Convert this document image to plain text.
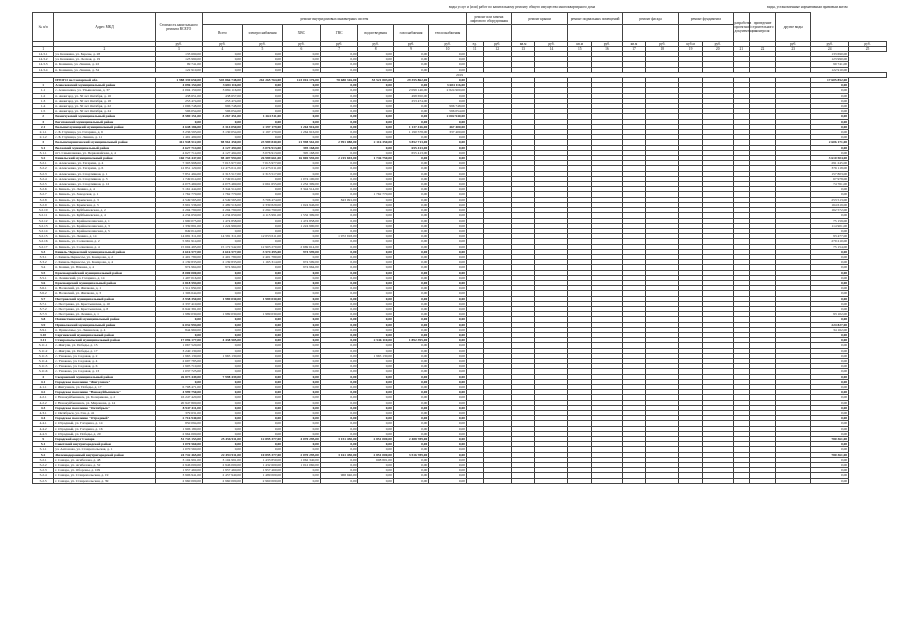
виды услуг и (или) работ по капитальному ремонту общего имущества многоквартирного дома	виды, установленные нормативным правовым актом
№ п/п	Адрес МКД	Стоимость капитального ремонта ВСЕГО	ремонт внутридомовых инженерных систем							ремонт или замена лифтового оборудования		ремонт крыши		ремонт подвальных помещений		ремонт фасада		ремонт фундамента		разработка проектной документации	проведение строительного контроля	другие виды		
			Всего	электроснабжения	ХВС	ГВС	водоотведения	газоснабжения	теплоснабжения															
		руб.	руб.	руб.	руб.	руб.	руб.	руб.	руб.	ед.	руб.	кв.м	руб.	кв.м	руб.	кв.м	руб.	куб.м	руб.			руб.	руб.	руб.
1	2	3	4	5	6	7	8	9	10	11	12	13	14	15	16	17	18	19	20	21	22	23	24	25
14.3.1	ул. Кошкина, ул. Березы, д. 28	133 690,00	0,00	0,00	0,00	0,00	0,00	0,00	0,00														133 690,00	
14.3.2	ул. Кошкина, ул. Лесная, д. 19	123 990,00	0,00	0,00	0,00	0,00	0,00	0,00	0,00														123 990,00	
14.3.3	п. Кошкина, ул. Ленина, д. 22	99 741,00	0,00	0,00	0,00	0,00	0,00	0,00	0,00														99 741,00	
14.3.4	п. Кошкина, ул. Ленина, д. 34	122 910,00	0,00	0,00	0,00	0,00	0,00	0,00	0,00														122 910,00	
2019																								
	ИТОГО по Самарской обл.	1 988 339 650,00	545 866 748,00	261 265 764,00	123 016 176,00	78 688 316,00	53 521 803,00	29 355 862,00	0,00														17 605 852,00	
1	Алексеевский муниципальный район	4 096 154,00	3 684 116,00	0,00	0,00	0,00	0,00	0,00	3 684 116,00														0,00	
1.1	с. Алексеевка, ул. Ульяновская, д. 37	2 004 150,00	3 684 116,00	0,00	0,00	0,00	0,00	2 099 146,00	2 824 900,00														0,00	
1.2	п. Авангард, ул. 50 лет Октября, д. 16	438 651,00	438 657,00	0,00	0,00	0,00	0,00	498 650,00	0,00														0,00	
1.3	п. Авангард, ул. 50 лет Октября, д. 18	253 474,00	253 474,00	0,00	0,00	0,00	0,00	253 474,00	0,00														0,00	
1.4	п. Авангард, ул. 50 лет Октября, д. 22	1 096 748,00	996 748,00	0,00	0,00	0,00	0,00	0,00	996 748,00														0,00	
1.5	п. Авангард, ул. 50 лет Октября, д. 24	596 054,00	596 054,00	0,00	0,00	0,00	0,00	0,00	596 054,00														0,00	
2	Безенчукский муниципальный район	8 589 151,00	3 267 451,00	1 264 511,00	0,00	0,00	0,00	0,00	2 002 940,00														0,00	
3	Богатовский муниципальный район	0,00	0,00	0,00	0,00	0,00	0,00	0,00	0,00														0,00	
2.1	Большеглушицкий муниципальный район	4 648 186,00	3 314 050,00	2 197 179,00	1 264 916,00	0,00	0,00	1 137 416,00	467 400,00														0,00	
2.1.1	с. Б. Глушица, ул. Гагарина, д. 6	3 236 593,00	3 130 054,00	2 197 179,00	1 264 916,00	0,00	0,00	1 190 578,00	337 400,00														0,00	
2.1.2	с. Б. Глушица, ул. Ленина, д. 11	1 491 499,00	0,00	0,00	0,00	0,00	0,00	0,00	0,00														0,00	
3	Большечерниговский муниципальный район	412 948 512,00	98 961 450,00	23 989 840,00	21 998 561,00	2 991 088,00	2 116 350,00	3 852 713,00	0,00														2 606 171,00	
3.1	Волжский муниципальный район	4 627 714,00	4 127 494,00	3 076 913,00	395 168,00	0,00	0,00	655 413,00	0,00														0,00	
3.1.1	пгт. Смышляевка, ул. Первомайская, д. 4	4 627 714,00	4 127 494,00	3 076 913,00	395 168,00	0,00	0,00	655 413,00	0,00														0,00	
3.2	Кинельский муниципальный район	160 734 447,00	98 407 994,00	26 989 661,00	16 869 594,00	2 215 693,00	1 746 750,00	0,00	0,00														3 610 504,00	
3.2.1	п. Алексеевка, ул. Гагарина, д. 4	7 303 998,00	7 015 977,00	7 015 977,00	0,00	0,00	0,00	0,00	0,00														291 245,00	
3.2.2	п. Алексеевка, ул. Гагарина, д. 6	12 851 129,00	12 475 011,00	12 475 011,00	0,00	0,00	0,00	0,00	0,00														376 118,00	
3.2.3	п. Алексеевка, ул. Спортивная, д. 1	7 851 494,00	2 313 517,00	2 313 517,00	0,00	0,00	0,00	0,00	0,00														157 803,00	
3.2.4	п. Алексеевка, ул. Спортивная, д. 3	1 749 014,00	1 749 014,00	0,00	1 074 100,00	0,00	0,00	0,00	0,00														67 978,00	
3.2.5	п. Алексеевка, ул. Спортивная, д. 12	4 073 469,00	4 073 469,00	2 661 655,00	1 252 309,00	0,00	0,00	0,00	0,00														74 761,00	
3.2.6	п. Кинель, ул. Ленина, д. 4	5 161 444,00	3 344 514,00	0,00	3 344 514,00	0,00	0,00	0,00	0,00														0,00	
3.2.7	п. Кинель, ул. Заводская, д. 1	1 762 770,00	1 762 770,00	0,00	0,00	0,00	1 762 770,00	0,00	0,00														0,00	
3.2.8	п. Кинель, ул. Крымская, д. 3	4 549 565,00	4 549 565,00	3 706 474,00	0,00	843 091,00	0,00	0,00	0,00														253 513,00	
3.2.9	п. Кинель, ул. Крымская, д. 5	3 991 536,00	2 489 516,00	2 339 829,00	1 024 946,00	0,00	0,00	0,00	0,00														164 619,00	
3.2.10	п. Кинель, ул. Куйбышевская, д. 2	2 294 790,00	2 294 790,00	2 294 790,00	0,00	0,00	0,00	0,00	0,00														162 572,00	
3.2.11	п. Кинель, ул. Куйбышевская, д. 4	4 234 650,00	4 234 650,00	4 115 991,00	1 532 399,00	0,00	0,00	0,00	0,00														0,00	
3.2.12	п. Кинель, ул. Крайнеполянская, д. 1	1 990 075,00	1 474 858,00	0,00	1 474 858,00	0,00	0,00	0,00	0,00														75 159,00	
3.2.13	п. Кинель, ул. Крайнеполянская, д. 3	1 339 891,00	1 224 990,00	0,00	1 224 990,00	0,00	0,00	0,00	0,00														114 901,00	
3.2.14	п. Кинель, ул. Крайнеполянская, д. 5	849 014,00	0,00	0,00	0,00	0,00	0,00	0,00	0,00														0,00	
3.2.15	п. Кинель, ул. Ленина, д. 14	14 681 311,00	14 581 311,00	12 053 611,00	0,00	1 972 918,00	0,00	0,00	0,00														93 477,00	
3.2.16	п. Кинель, ул. Солнечная, д. 2	5 981 914,00	0,00	0,00	0,00	0,00	0,00	0,00	0,00														279 210,00	
3.2.17	п. Кинель, ул. Солнечная, д. 4	15 604 495,00	15 172 542,00	12 903 270,00	2 669 614,00	0,00	0,00	0,00	0,00														75 154,00	
3.3	Кинель-Черкасский муниципальный район	4 616 577,00	4 616 577,00	3 574 495,00	974 599,00	0,00	0,00	0,00	0,00														0,00	
3.3.1	с. Кинель-Черкассы, ул. Комарова, д. 2	2 401 780,00	2 401 780,00	2 401 780,00	0,00	0,00	0,00	0,00	0,00														0,00	
3.3.2	с. Кинель-Черкассы, ул. Комарова, д. 4	2 139 833,00	2 139 833,00	1 165 314,00	974 599,00	0,00	0,00	0,00	0,00														0,00	
3.4	п. Кошки, ул. Южная, д. 4	974 964,00	974 964,00	0,00	974 964,00	0,00	0,00	0,00	0,00														0,00	
3.5	Красноармейский муниципальный район	8 000 000,00	0,00	0,00	0,00	0,00	0,00	0,00	0,00														0,00	
3.5.1	п. Ленинский, ул. Гагарина, д. 14	1 497 016,00	0,00	0,00	0,00	0,00	0,00	0,00	0,00														0,00	
3.6	Красноярский муниципальный район	2 818 594,00	0,00	0,00	0,00	0,00	0,00	0,00	0,00														0,00	
3.6.1	п. Волжский, ул. Жилкова, д. 1	1 511 950,00	0,00	0,00	0,00	0,00	0,00	0,00	0,00														0,00	
3.6.2	п. Волжский, ул. Жилкова, д. 3	1 306 644,00	0,00	0,00	0,00	0,00	0,00	0,00	0,00														0,00	
3.7	Пестравский муниципальный район	3 938 350,00	1 989 030,00	1 989 030,00	0,00	0,00	0,00	0,00	0,00														0,00	
3.7.1	с. Пестравка, ул. Крестьянская, д. 10	2 337 410,00	0,00	0,00	0,00	0,00	0,00	0,00	0,00														0,00	
3.7.2	с. Пестравка, ул. Крестьянская, д. 8	6 942 391,00	0,00	0,00	0,00	0,00	0,00	0,00	0,00														0,00	
3.7.3	с. Пестравка, ул. Ленина, д. 1	1 989 030,00	1 989 030,00	1 989 030,00	0,00	0,00	0,00	0,00	0,00														93 102,00	
3.8	Похвистневский муниципальный район	0,00	0,00	0,00	0,00	0,00	0,00	0,00	0,00														0,00	
3.9	Приволжский муниципальный район	6 032 994,00	0,00	0,00	0,00	0,00	0,00	0,00	0,00														224 827,00	
3.9.1	п. Приволжье, ул. Ленинская, д. 4	844 960,00	0,00	0,00	0,00	0,00	0,00	0,00	0,00														34 162,00	
3.10	Сергиевский муниципальный район	0,00	0,00	0,00	0,00	0,00	0,00	0,00	0,00														0,00	
3.11	Ставропольский муниципальный район	17 096 177,00	4 438 505,00	0,00	0,00	0,00	2 546 110,00	1 892 395,00	0,00														0,00	
3.11.1	с. Жигули, ул. Победы, д. 15	1 067 520,00	0,00	0,00	0,00	0,00	0,00	0,00	0,00														0,00	
3.11.2	с. Жигули, ул. Победы, д. 17	3 240 130,00	0,00	0,00	0,00	0,00	0,00	0,00	0,00														0,00	
3.11.3	с. Узюково, ул. Садовая, д. 2	1 965 130,00	1 965 130,00	0,00	0,00	0,00	1 965 130,00	0,00	0,00														0,00	
3.11.4	с. Узюково, ул. Садовая, д. 4	2 697 785,00	0,00	0,00	0,00	0,00	0,00	0,00	0,00														0,00	
3.11.5	с. Узюково, ул. Садовая, д. 6	1 905 710,00	0,00	0,00	0,00	0,00	0,00	0,00	0,00														0,00	
3.11.6	с. Узюково, ул. Садовая, д. 13	1 037 725,00	0,00	0,00	0,00	0,00	0,00	0,00	0,00														0,00	
4	Сызранский муниципальный район	26 873 449,00	7 998 439,00	0,00	0,00	0,00	0,00	0,00	0,00														0,00	
4.1	Городское поселение "Жигулевск"	0,00	0,00	0,00	0,00	0,00	0,00	0,00	0,00														0,00	
4.1.1	г. Жигулевск, ул. Победы, д. 17	6 708 471,00	0,00	0,00	0,00	0,00	0,00	0,00	0,00														0,00	
4.2	Городское поселение "Новокуйбышевск"	4 999 750,00	0,00	0,00	0,00	0,00	0,00	0,00	0,00														0,00	
4.2.1	г. Новокуйбышевск, ул. Бочарикова, д. 2	16 247 420,00	0,00	0,00	0,00	0,00	0,00	0,00	0,00														0,00	
4.2.2	г. Новокуйбышевск, ул. Миронова, д. 14	20 947 800,00	0,00	0,00	0,00	0,00	0,00	0,00	0,00														0,00	
4.3	Городское поселение "Октябрьск"	8 947 411,00	0,00	0,00	0,00	0,00	0,00	0,00	0,00														0,00	
4.3.1	г. Октябрьск, ул. Гая, д. 41	379 631,00	0,00	0,00	0,00	0,00	0,00	0,00	0,00														0,00	
4.4	Городское поселение "Отрадный"	2 716 940,00	0,00	0,00	0,00	0,00	0,00	0,00	0,00														0,00	
4.4.1	г. Отрадный, ул. Гагарина, д. 14	850 094,00	0,00	0,00	0,00	0,00	0,00	0,00	0,00														0,00	
4.4.2	г. Отрадный, ул. Гагарина, д. 16	1 906 180,00	0,00	0,00	0,00	0,00	0,00	0,00	0,00														0,00	
4.4.3	г. Отрадный, ул. Победы, д. 20	2 964 000,00	0,00	0,00	0,00	0,00	0,00	0,00	0,00														0,00	
5	Городской округ Самара	51 743 153,00	25 456 911,00	12 895 377,00	4 070 295,00	3 151 450,00	2 851 000,00	2 488 789,00	0,00														780 361,00	
5.1	Советский внутригородской район	1 070 560,00	0,00	0,00	0,00	0,00	0,00	0,00	0,00														0,00	
5.1.1	ул. Антонова, ул. Ставропольская, д. 1	1 070 560,00	0,00	0,00	0,00	0,00	0,00	0,00	0,00														0,00	
5.2	Железнодорожный внутригородской район	24 742 465,00	22 494 911,00	10 895 377,00	2 070 295,00	3 161 450,00	2 851 000,00	3 516 789,00	0,00														780 361,00	
5.2.1	г. Самара, ул. Агибалова, д. 48	3 104 991,00	3 104 991,00	1 433 850,00	1 062 340,00	0,00	608 801,00	0,00	0,00														0,00	
5.2.2	г. Самара, ул. Агибалова, д. 52	2 946 000,00	2 946 000,00	1 432 600,00	1 012 060,00	0,00	0,00	0,00	0,00														0,00	
5.2.3	г. Самара, ул. Обороны, д. 109	1 957 460,00	1 957 460,00	1 957 460,00	0,00	0,00	0,00	0,00	0,00														0,00	
5.2.4	г. Самара, ул. Ставропольская, д. 19	3 906 941,00	2 457 940,00	1 489 000,00	0,00	968 940,00	0,00	0,00	0,00														0,00	
5.2.5	г. Самара, ул. Ставропольская, д. 39	2 960 000,00	2 960 000,00	2 960 000,00	0,00	0,00	0,00	0,00	0,00														0,00	
